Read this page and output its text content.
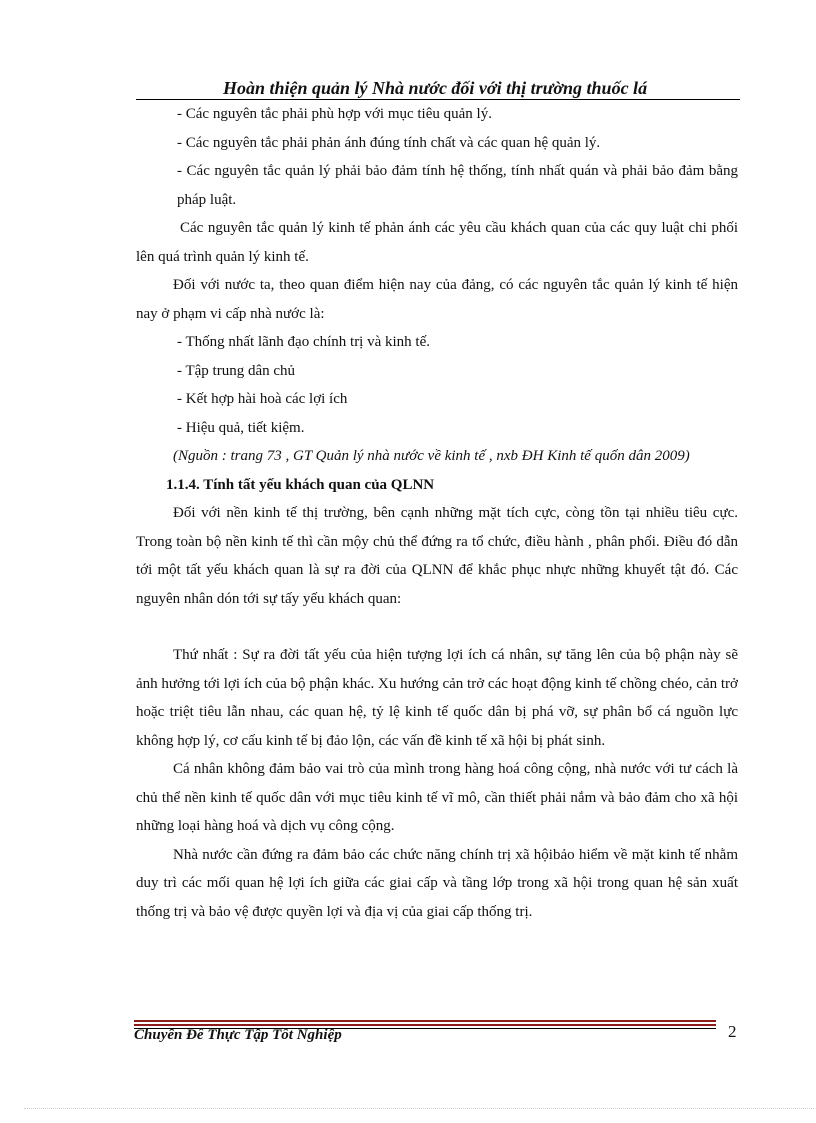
Hoàn thiện quản lý Nhà nước đối với thị trường thuốc lá

- Các nguyên tắc phải phù hợp với mục tiêu quản lý.

- Các nguyên tắc phải phản ánh đúng tính chất và các quan hệ quản lý.

- Các nguyên tắc quản lý phải bảo đảm tính hệ thống, tính nhất quán và phải bảo đảm bằng pháp luật.

Các nguyên tắc quản lý kinh tế phản ánh các yêu cầu khách quan của các quy luật chi phối lên quá trình quản lý kinh tế.

Đối với nước ta, theo quan điểm hiện nay của đảng, có các nguyên tắc quản lý kinh tế hiện nay ở phạm vi cấp nhà nước là:

- Thống nhất lãnh đạo chính trị và kinh tế.

- Tập trung dân chủ

- Kết hợp hài hoà các lợi ích

- Hiệu quả, tiết kiệm.

(Nguồn : trang 73 , GT Quản lý nhà nước về kinh tế , nxb ĐH Kinh tế quốn dân 2009)

1.1.4. Tính tất yếu khách quan của QLNN

Đối với nền kinh tế thị trường, bên cạnh những mặt tích cực, còng tồn tại nhiều tiêu cực. Trong toàn bộ nền kinh tế thì cần mộy chủ thể đứng ra tổ chức, điều hành , phân phối. Điều đó dẫn tới một tất yếu khách quan là sự ra đời của QLNN để khắc phục nhực những khuyết tật đó. Các nguyên nhân dón tới sự tấy yếu khách quan:

Thứ nhất : Sự ra đời tất yếu của hiện tượng lợi ích cá nhân, sự tăng lên của bộ phận này sẽ ảnh hưởng tới lợi ích của bộ phận khác. Xu hướng cản trở các hoạt động kinh tế chồng chéo, cản trở hoặc triệt tiêu lẫn nhau, các quan hệ, tỷ lệ kinh tế quốc dân bị phá vỡ, sự phân bổ cá nguồn lực không hợp lý, cơ cấu kinh tế bị đảo lộn, các vấn đề kinh tế xã hội bị phát sinh.

Cá nhân không đảm bảo vai trò của mình trong hàng hoá công cộng, nhà nước với tư cách là chủ thể nền kinh tế quốc dân với mục tiêu kinh tế vĩ mô, cần thiết phải nắm và bảo đảm cho xã hội những loại hàng hoá và dịch vụ công cộng.

Nhà nước cần đứng ra đảm bảo các chức năng chính trị xã hộibảo hiểm về mặt kinh tế nhằm duy trì các mối quan hệ lợi ích giữa các giai cấp và tầng lớp trong xã hội trong quan hệ sản xuất thống trị và bảo vệ được quyền lợi và địa vị của giai cấp thống trị.

Chuyên Đề Thực Tập Tốt Nghiệp	2
